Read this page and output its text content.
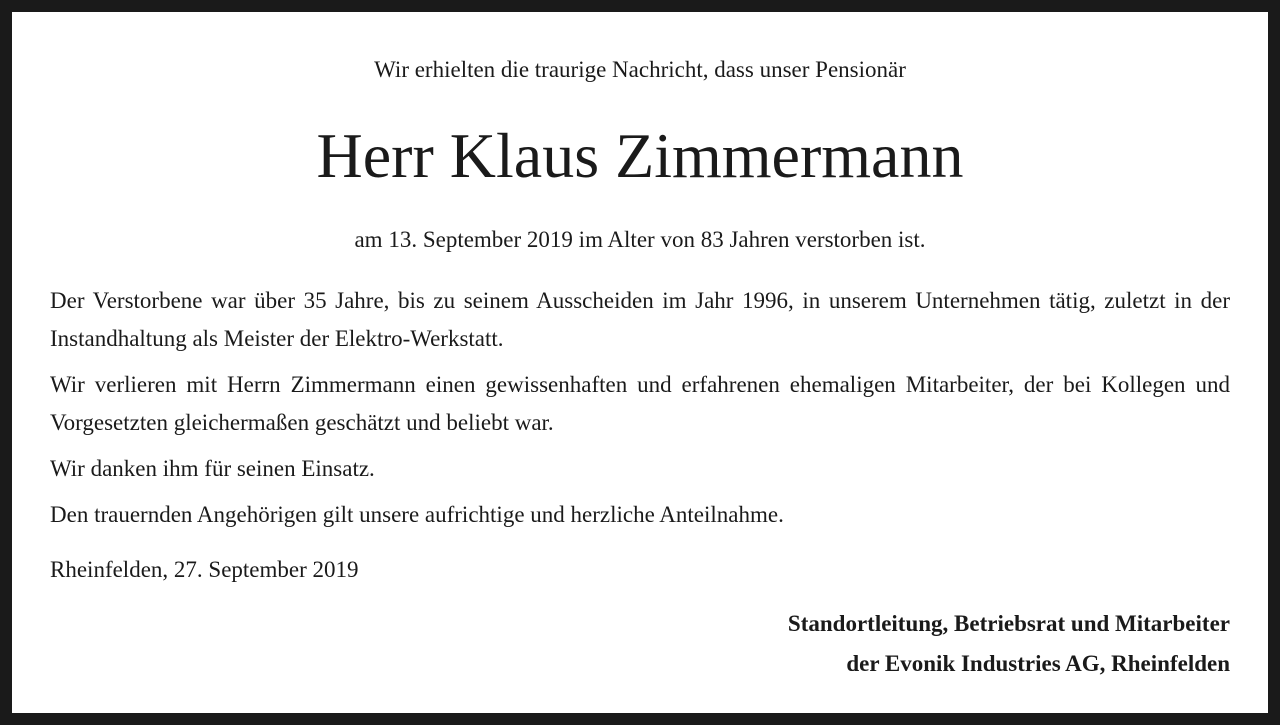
Wir erhielten die traurige Nachricht, dass unser Pensionär
Herr Klaus Zimmermann
am 13. September 2019 im Alter von 83 Jahren verstorben ist.

Der Verstorbene war über 35 Jahre, bis zu seinem Ausscheiden im Jahr 1996, in unserem Unternehmen tätig, zuletzt in der Instandhaltung als Meister der Elektro-Werkstatt.

Wir verlieren mit Herrn Zimmermann einen gewissenhaften und erfahrenen ehemaligen Mitarbeiter, der bei Kollegen und Vorgesetzten gleichermaßen geschätzt und beliebt war.

Wir danken ihm für seinen Einsatz.

Den trauernden Angehörigen gilt unsere aufrichtige und herzliche Anteilnahme.

Rheinfelden, 27. September 2019
Standortleitung, Betriebsrat und Mitarbeiter
der Evonik Industries AG, Rheinfelden
